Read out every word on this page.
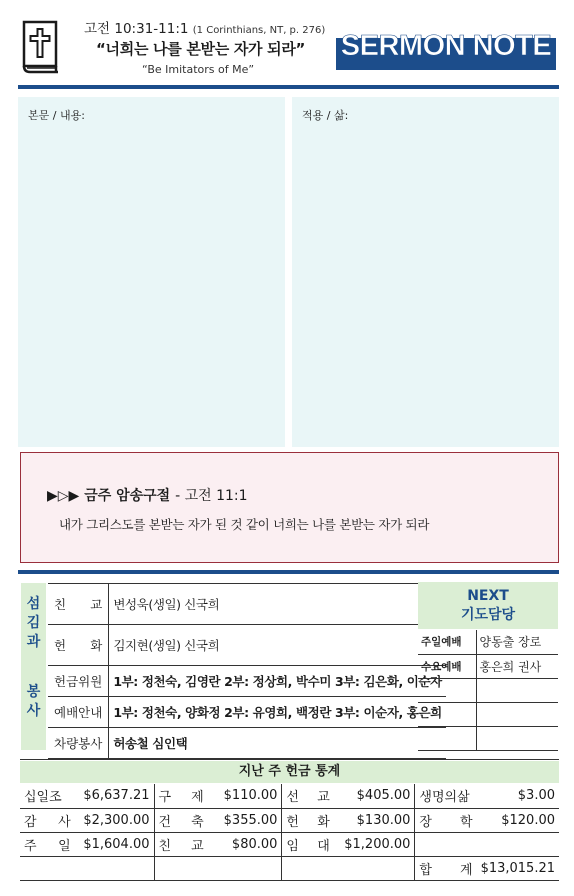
고전 10:31-11:1 (1 Corinthians, NT, p. 276)
“너희는 나를 본받는 자가 되라”
“Be Imitators of Me”
SERMON NOTE
본문 / 내용:	적용 / 삶:
▶▷▶ 금주 암송구절 - 고전 11:1
내가 그리스도를 본받는 자가 된 것 같이 너희는 나를 본받는 자가 되라
섬
김
과
봉
사
친 교	변성욱(생일) 신국희
헌 화	김지현(생일) 신국희
헌금위원	1부: 정천숙, 김영란 2부: 정상희, 박수미 3부: 김은화, 이순자
예배안내	1부: 정천숙, 양화정 2부: 유영희, 백정란 3부: 이순자, 홍은희
차량봉사	허송철 심인택
NEXT
기도담당
주일예배	양동출 장로
수요예배	홍은희 권사

지난 주 헌금 통계
십일조	$6,637.21	구 제	$110.00	선 교	$405.00	생명의삶	$3.00
감 사	$2,300.00	건 축	$355.00	헌 화	$130.00	장 학	$120.00
주 일	$1,604.00	친 교	$80.00	임 대	$1,200.00		
						합 계	$13,015.21
